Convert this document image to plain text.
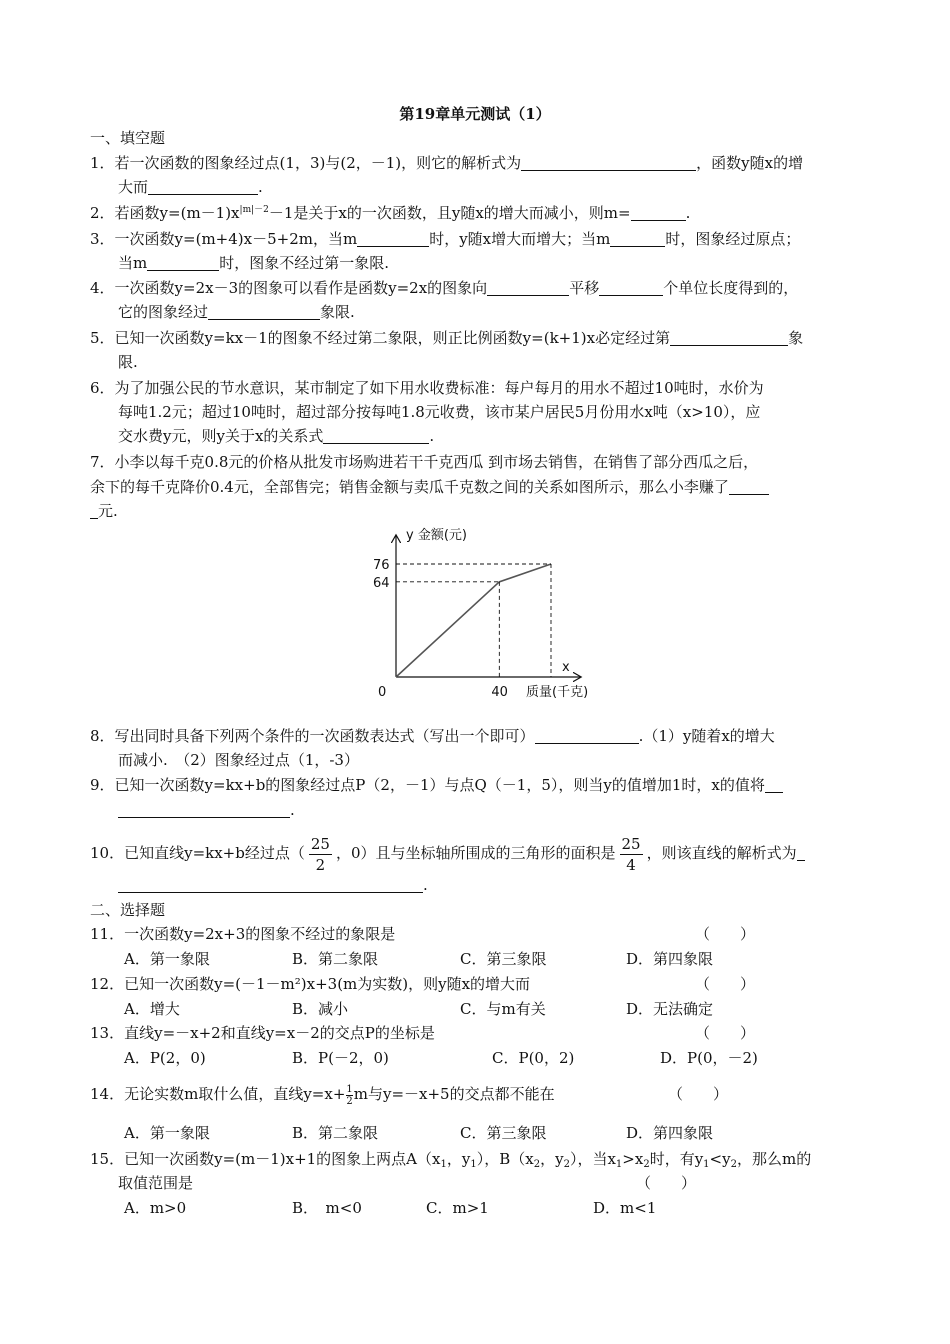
第19章单元测试（1）
一、填空题
1．若一次函数的图象经过点(1，3)与(2，－1)，则它的解析式为	，函数y随x的增
大而	.
2．若函数$y=(m-1)x^{|m|-2}-1$是关于x的一次函数，且y随x的增大而减小，则m=	.
3．一次函数y=(m+4)x－5+2m，当m	时，y随x增大而增大；当m	时，图象经过原点；
当m	时，图象不经过第一象限.
4．一次函数y=2x－3的图象可以看作是函数y=2x的图象向	平移	个单位长度得到的，
它的图象经过	象限.
5．已知一次函数y=kx－1的图象不经过第二象限，则正比例函数y=(k+1)x必定经过第	象
限.
6．为了加强公民的节水意识，某市制定了如下用水收费标准：每户每月的用水不超过10吨时，水价为
每吨1.2元；超过10吨时，超过部分按每吨1.8元收费，该市某户居民5月份用水x吨（x>10），应
交水费y元，则y关于x的关系式	.
7．小李以每千克0.8元的价格从批发市场购进若干千克西瓜 到市场去销售，在销售了部分西瓜之后，
余下的每千克降价0.4元，全部售完；销售金额与卖瓜千克数之间的关系如图所示，那么小李赚了
元.
y 金额(元)
x
质量(千克)
0
76
64
40
8．写出同时具备下列两个条件的一次函数表达式（写出一个即可）	.（1）y随着x的增大
而减小.　（2）图象经过点（1，-3）
9．已知一次函数y=kx+b的图象经过点P（2，－1）与点Q（－1，5），则当y的值增加1时，x的值将
.
10．已知直线y=kx+b经过点（ $\frac{25}{2}$ ，0）且与坐标轴所围成的三角形的面积是 $\frac{25}{4}$ ，则该直线的解析式为
.
二、选择题
11．一次函数y=2x+3的图象不经过的象限是	（　　）
A．第一象限	B．第二象限	C．第三象限	D．第四象限
12．已知一次函数y=(－1－m²)x+3(m为实数)，则y随x的增大而	（　　）
A．增大	B．减小	C．与m有关	D．无法确定
13．直线y=－x+2和直线y=x－2的交点P的坐标是	（　　）
A．P(2，0)	B．P(－2，0)	C．P(0，2)	D．P(0，－2)
14．无论实数m取什么值，直线$y=x+ \frac{1}{2}$ m与y=－x+5的交点都不能在	（　　）
A．第一象限	B．第二象限	C．第三象限	D．第四象限
15．已知一次函数y=(m－1)x+1的图象上两点$A(x_1$，$y_1$），$B(x_2$，$y_2$），当$x_1>x_2$时，有$y_1<y_2$，那么m的
取值范围是	（　　）
A．m>0	B．　m<0	C．m>1	D．m<1
